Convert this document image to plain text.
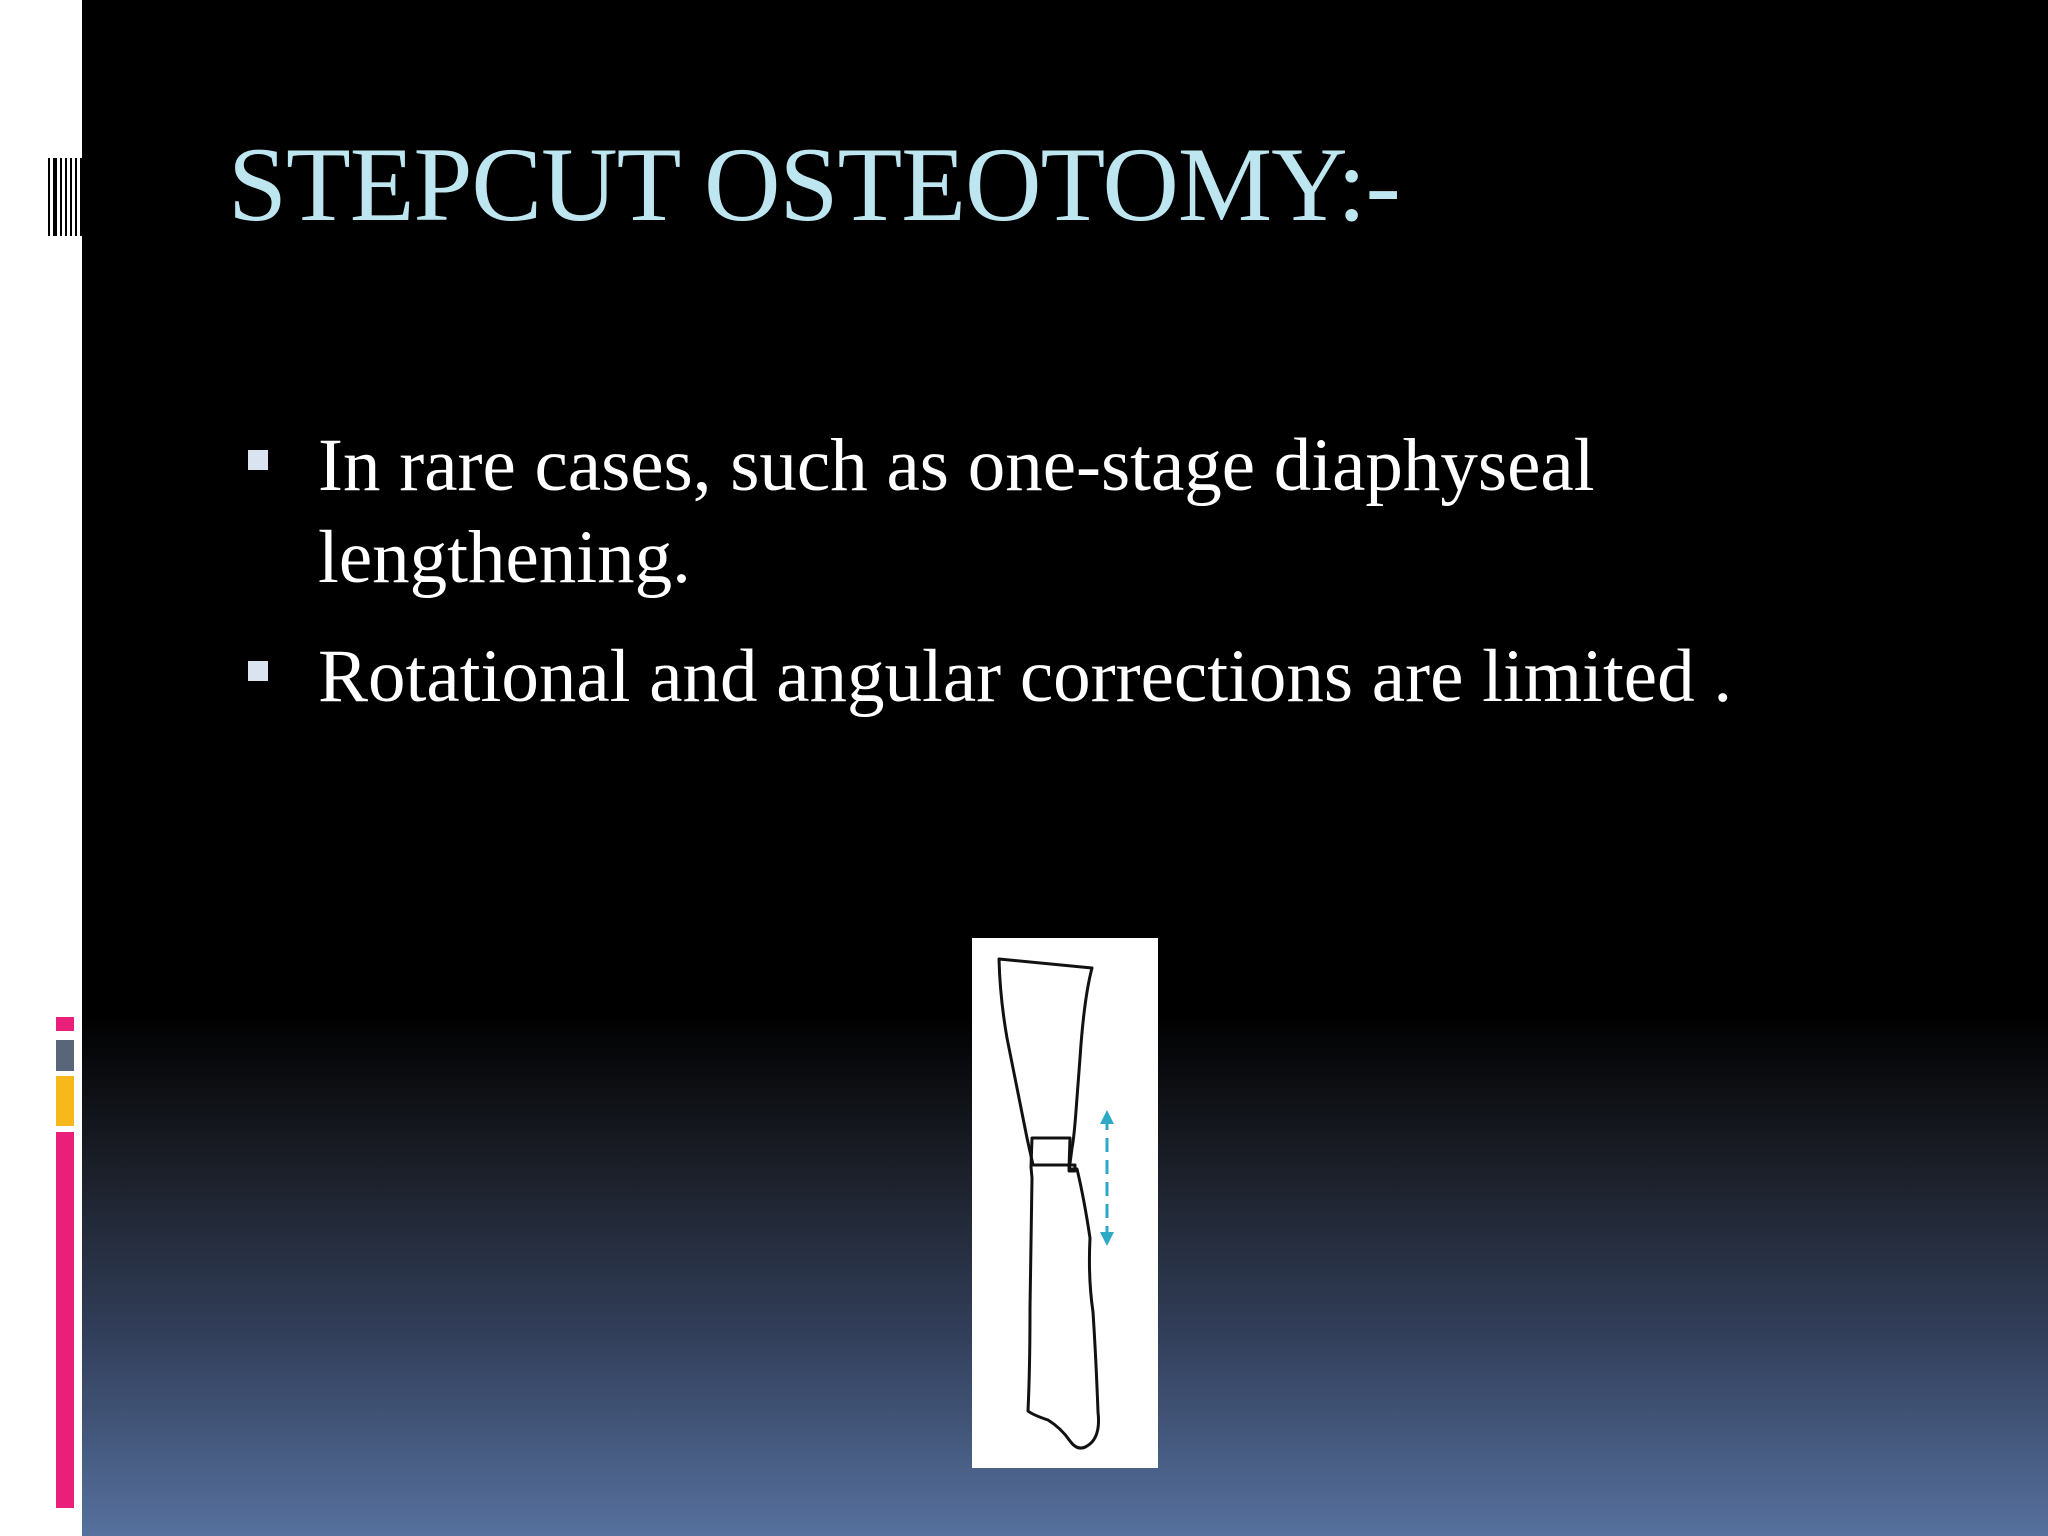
STEPCUT OSTEOTOMY:-
In rare cases, such as one-stage diaphyseal lengthening.
Rotational and angular corrections are limited .
